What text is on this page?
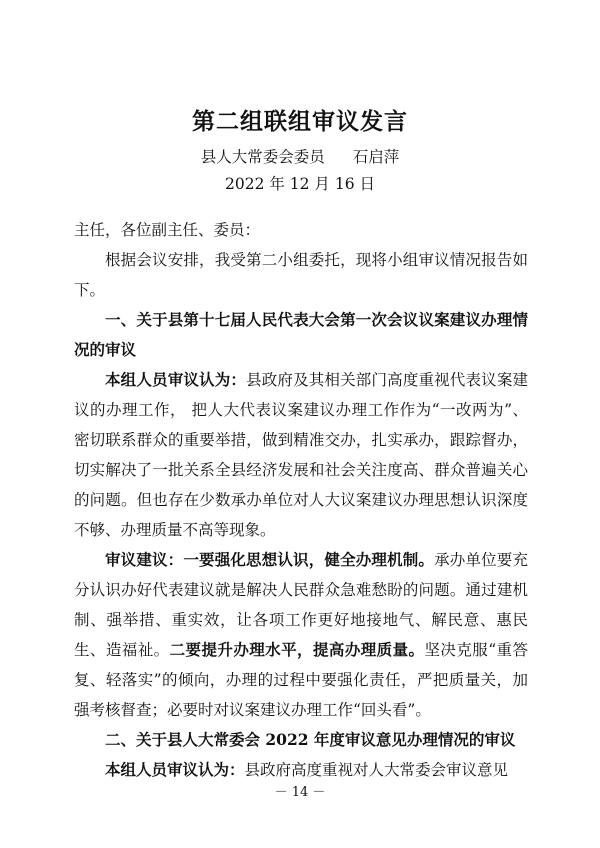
第二组联组审议发言
县人大常委会委员 石启萍
2022 年 12 月 16 日

主任，各位副主任、委员：

根据会议安排，我受第二小组委托，现将小组审议情况报告如下。

一、关于县第十七届人民代表大会第一次会议议案建议办理情况的审议

本组人员审议认为：县政府及其相关部门高度重视代表议案建议的办理工作， 把人大代表议案建议办理工作作为“一改两为”、密切联系群众的重要举措，做到精准交办，扎实承办，跟踪督办，切实解决了一批关系全县经济发展和社会关注度高、群众普遍关心的问题。但也存在少数承办单位对人大议案建议办理思想认识深度不够、办理质量不高等现象。

审议建议：一要强化思想认识，健全办理机制。承办单位要充分认识办好代表建议就是解决人民群众急难愁盼的问题。通过建机制、强举措、重实效，让各项工作更好地接地气、解民意、惠民生、造福祉。二要提升办理水平，提高办理质量。坚决克服“重答复、轻落实”的倾向，办理的过程中要强化责任，严把质量关，加强考核督查；必要时对议案建议办理工作“回头看”。

二、关于县人大常委会 2022 年度审议意见办理情况的审议

本组人员审议认为：县政府高度重视对人大常委会审议意见

－ 14 －
